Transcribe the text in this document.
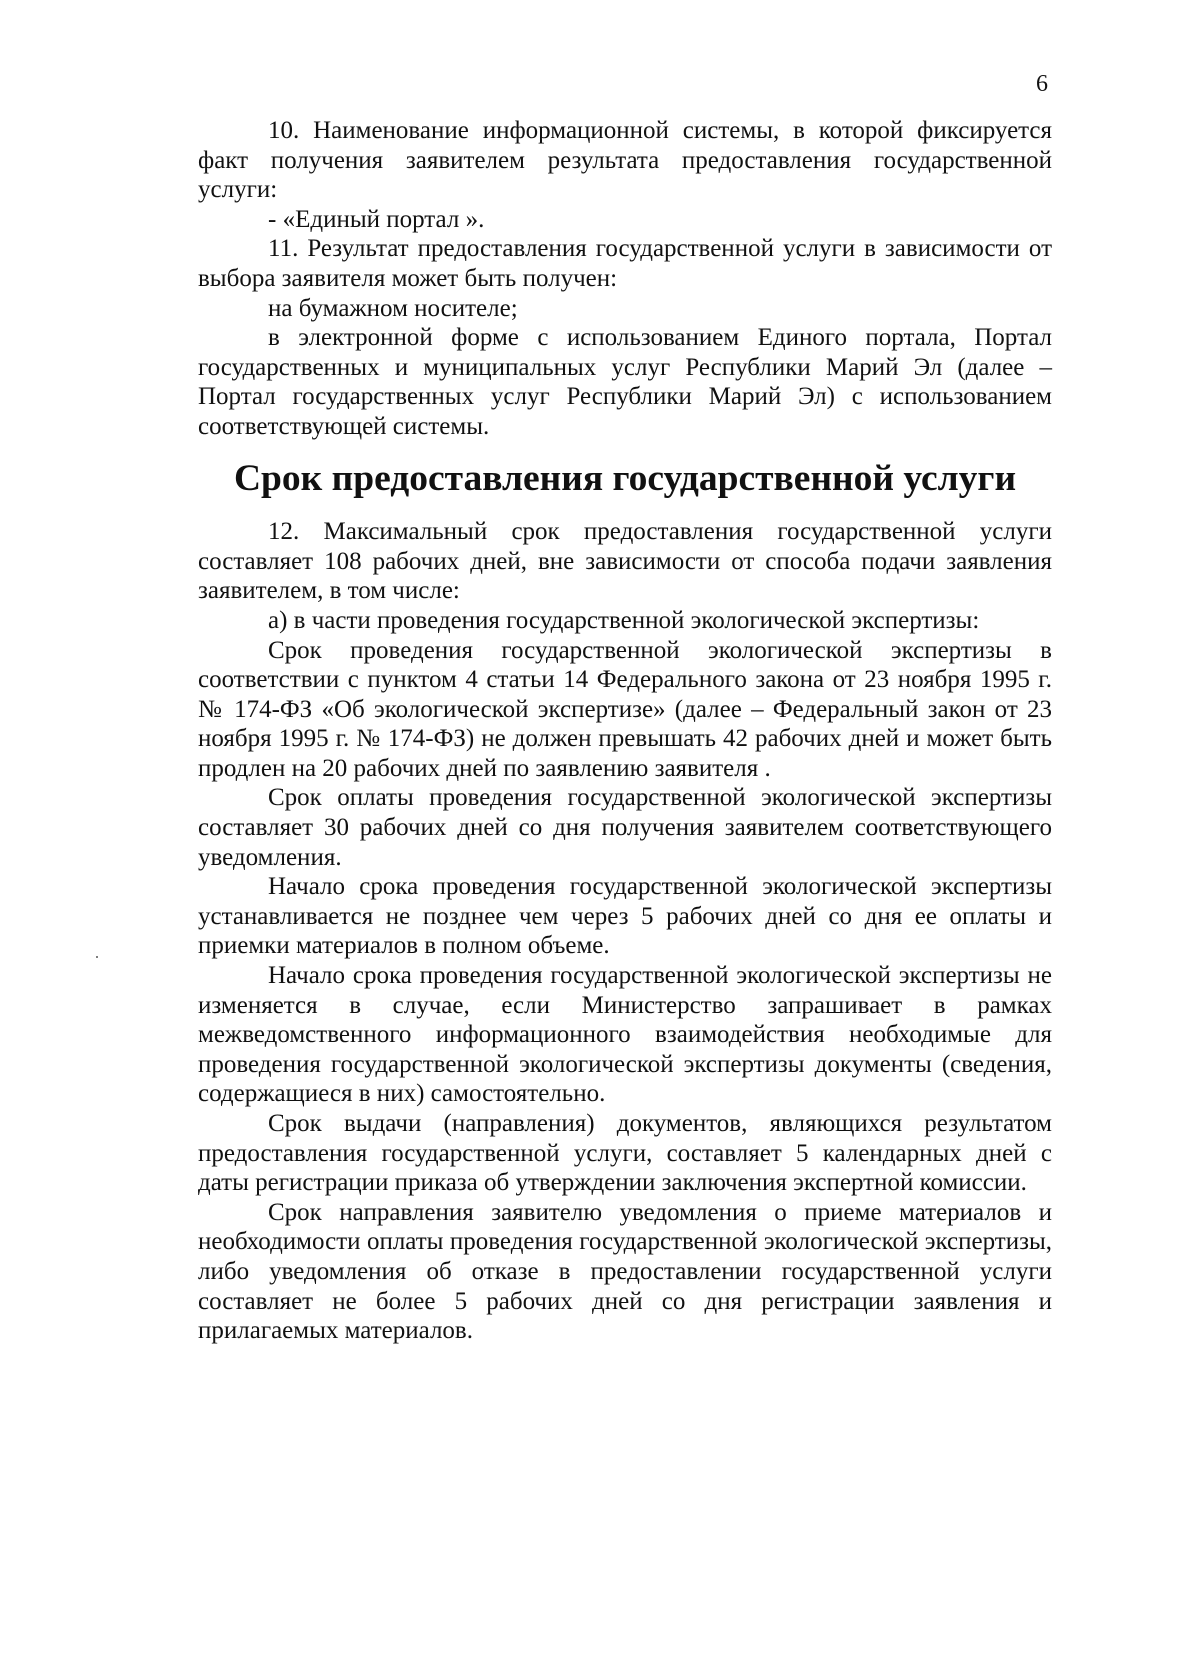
6

10. Наименование информационной системы, в которой фиксируется факт получения заявителем результата предоставления государственной услуги:

- «Единый портал ».

11. Результат предоставления государственной услуги в зависимости от выбора заявителя может быть получен:

на бумажном носителе;

в электронной форме с использованием Единого портала, Портал государственных и муниципальных услуг Республики Марий Эл (далее – Портал государственных услуг Республики Марий Эл) с использованием соответствующей системы.

Срок предоставления государственной услуги

12. Максимальный срок предоставления государственной услуги составляет 108 рабочих дней, вне зависимости от способа подачи заявления заявителем, в том числе:

а) в части проведения государственной экологической экспертизы:

Срок проведения государственной экологической экспертизы в соответствии с пунктом 4 статьи 14 Федерального закона от 23 ноября 1995 г. № 174-ФЗ «Об экологической экспертизе» (далее – Федеральный закон от 23 ноября 1995 г. № 174-ФЗ) не должен превышать 42 рабочих дней и может быть продлен на 20 рабочих дней по заявлению заявителя .

Срок оплаты проведения государственной экологической экспертизы составляет 30 рабочих дней со дня получения заявителем соответствующего уведомления.

Начало срока проведения государственной экологической экспертизы устанавливается не позднее чем через 5 рабочих дней со дня ее оплаты и приемки материалов в полном объеме.

Начало срока проведения государственной экологической экспертизы не изменяется в случае, если Министерство запрашивает в рамках межведомственного информационного взаимодействия необходимые для проведения государственной экологической экспертизы документы (сведения, содержащиеся в них) самостоятельно.

Срок выдачи (направления) документов, являющихся результатом предоставления государственной услуги, составляет 5 календарных дней с даты регистрации приказа об утверждении заключения экспертной комиссии.

Срок направления заявителю уведомления о приеме материалов и необходимости оплаты проведения государственной экологической экспертизы, либо уведомления об отказе в предоставлении государственной услуги составляет не более 5 рабочих дней со дня регистрации заявления и прилагаемых материалов.
